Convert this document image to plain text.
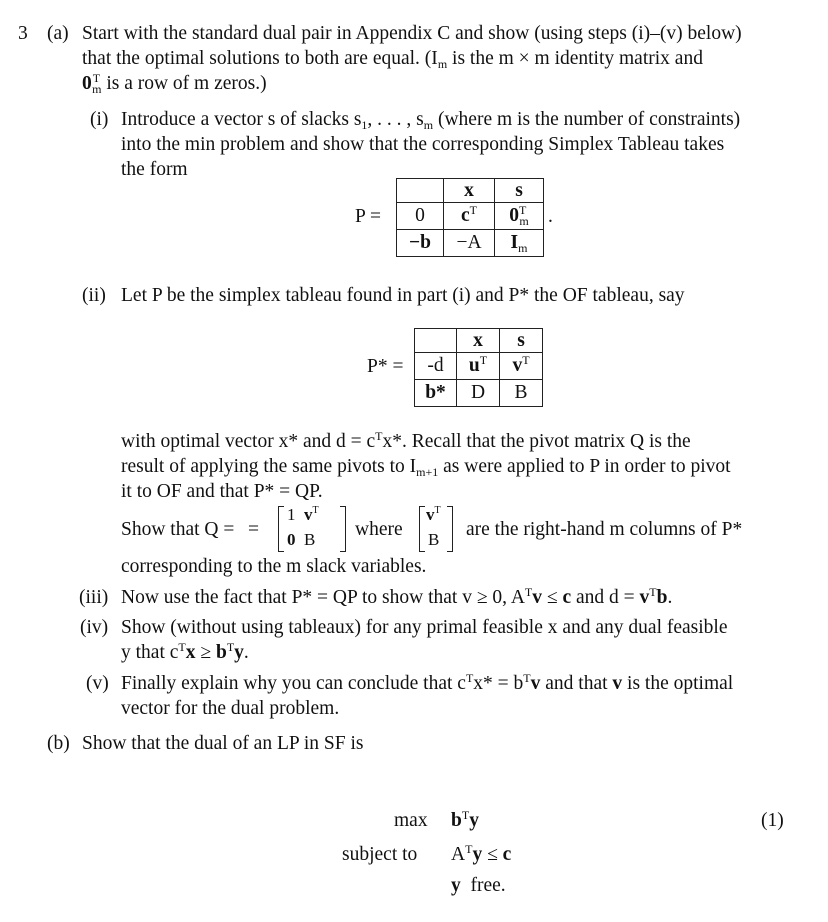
3 (a) Start with the standard dual pair in Appendix C and show (using steps (i)–(v) below)
that the optimal solutions to both are equal. ($I_m$ is the m × m identity matrix and
$0^T_m$ is a row of m zeros.)
(i) Introduce a vector s of slacks $s_1$, . . . , $s_m$ (where m is the number of constraints)
into the min problem and show that the corresponding Simplex Tableau takes
the form
P =
	x	s
0	$c^T$	$0^T_m$
−b	−A	$I_m$
.
(ii) Let P be the simplex tableau found in part (i) and P* the OF tableau, say
P* =
	x	s
-d	$u^T$	$v^T$
b*	D	B
with optimal vector x* and $d = c^Tx*$. Recall that the pivot matrix Q is the
result of applying the same pivots to $I_{m+1}$ as were applied to P in order to pivot
it to OF and that P* = QP.
Show that Q = =
1  $v^T$
0  B where
$v^T$
B are the right-hand m columns of P*
corresponding to the m slack variables.
(iii) Now use the fact that P* = QP to show that v ≥ 0, $A^Tv \le c$ and $d = v^Tb$.
(iv) Show (without using tableaux) for any primal feasible x and any dual feasible
y that $c^Tx \ge b^Ty$.
(v) Finally explain why you can conclude that $c^Tx* = b^Tv$ and that v is the optimal
vector for the dual problem.
(b) Show that the dual of an LP in SF is
$\max b^Ty$	(1)
subject to $A^Ty \le c$
y free.
